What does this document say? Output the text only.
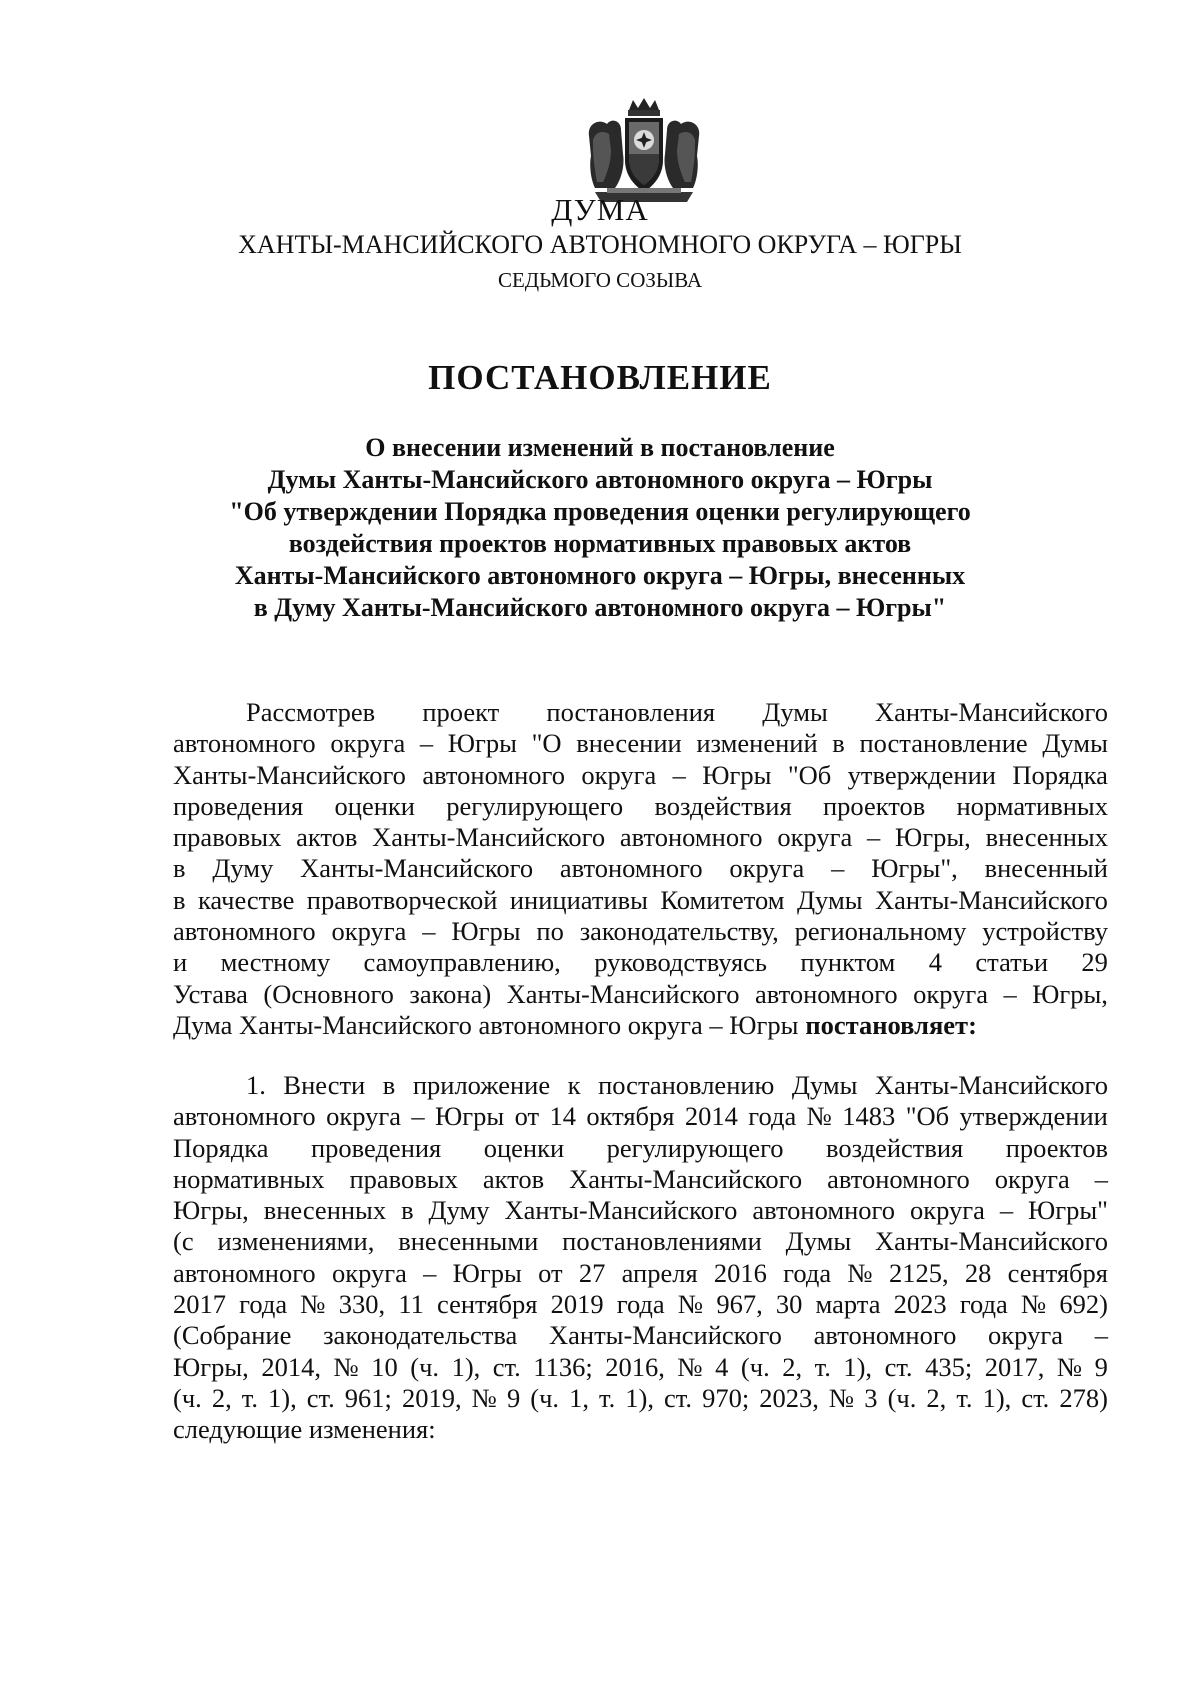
ДУМА
ХАНТЫ-МАНСИЙСКОГО АВТОНОМНОГО ОКРУГА – ЮГРЫ
СЕДЬМОГО СОЗЫВА
ПОСТАНОВЛЕНИЕ
О внесении изменений в постановление
Думы Ханты-Мансийского автономного округа – Югры
"Об утверждении Порядка проведения оценки регулирующего
воздействия проектов нормативных правовых актов
Ханты-Мансийского автономного округа – Югры, внесенных
в Думу Ханты-Мансийского автономного округа – Югры"
Рассмотрев проект постановления Думы Ханты-Мансийского
автономного округа – Югры "О внесении изменений в постановление Думы
Ханты-Мансийского автономного округа – Югры "Об утверждении Порядка
проведения оценки регулирующего воздействия проектов нормативных
правовых актов Ханты-Мансийского автономного округа – Югры, внесенных
в Думу Ханты-Мансийского автономного округа – Югры", внесенный
в качестве правотворческой инициативы Комитетом Думы Ханты-Мансийского
автономного округа – Югры по законодательству, региональному устройству
и местному самоуправлению, руководствуясь пунктом 4 статьи 29
Устава (Основного закона) Ханты-Мансийского автономного округа – Югры,
Дума Ханты-Мансийского автономного округа – Югры постановляет:
1. Внести в приложение к постановлению Думы Ханты-Мансийского
автономного округа – Югры от 14 октября 2014 года № 1483 "Об утверждении
Порядка проведения оценки регулирующего воздействия проектов
нормативных правовых актов Ханты-Мансийского автономного округа –
Югры, внесенных в Думу Ханты-Мансийского автономного округа – Югры"
(с изменениями, внесенными постановлениями Думы Ханты-Мансийского
автономного округа – Югры от 27 апреля 2016 года № 2125, 28 сентября
2017 года № 330, 11 сентября 2019 года № 967, 30 марта 2023 года № 692)
(Собрание законодательства Ханты-Мансийского автономного округа –
Югры, 2014, № 10 (ч. 1), ст. 1136; 2016, № 4 (ч. 2, т. 1), ст. 435; 2017, № 9
(ч. 2, т. 1), ст. 961; 2019, № 9 (ч. 1, т. 1), ст. 970; 2023, № 3 (ч. 2, т. 1), ст. 278)
следующие изменения:
